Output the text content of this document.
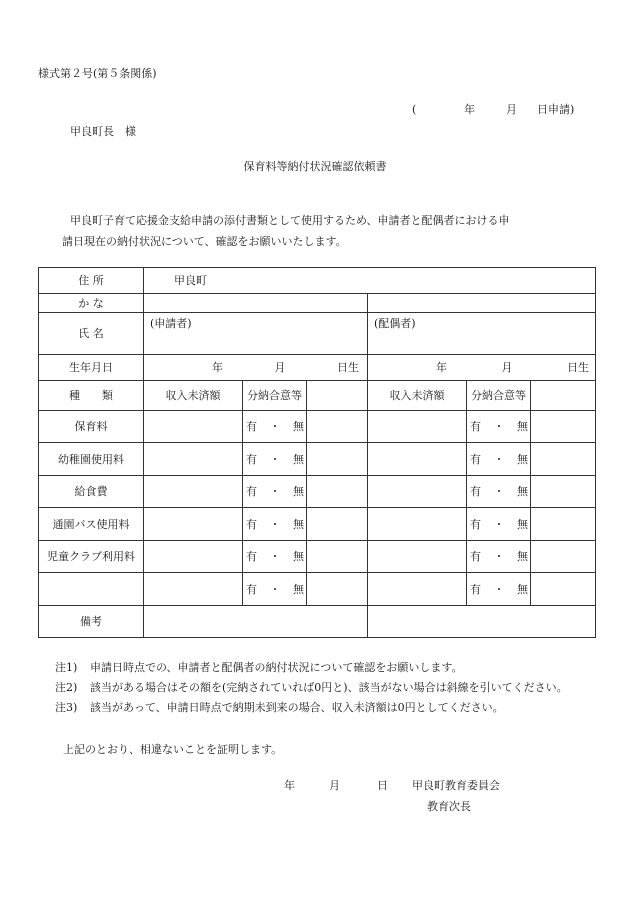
様式第２号(第５条関係)
(	年	月 日申請)
甲良町長　様
保育料等納付状況確認依頼書
甲良町子育て応援金支給申請の添付書類として使用するため、申請者と配偶者における申
請日現在の納付状況について、確認をお願いいたします。
住 所	甲良町					
か な						
氏 名	(申請者)			(配偶者)		
生年月日	年 月 日生			年 月 日生		

種　　類	収入未済額	分納合意等		収入未済額	分納合意等	
保育料		有 ・ 無			有 ・ 無	

幼稚園使用料		有 ・ 無			有 ・ 無	

給食費		有 ・ 無			有 ・ 無	

通園バス使用料		有 ・ 無			有 ・ 無	

児童クラブ利用料		有 ・ 無			有 ・ 無	

		有 ・ 無			有 ・ 無	

備考						
注1) 申請日時点での、申請者と配偶者の納付状況について確認をお願いします。
注2) 該当がある場合はその額を(完納されていれば0円と)、該当がない場合は斜線を引いてください。
注3) 該当があって、申請日時点で納期未到来の場合、収入未済額は0円としてください。
上記のとおり、相違ないことを証明します。
年	月	日 甲良町教育委員会
教育次長
